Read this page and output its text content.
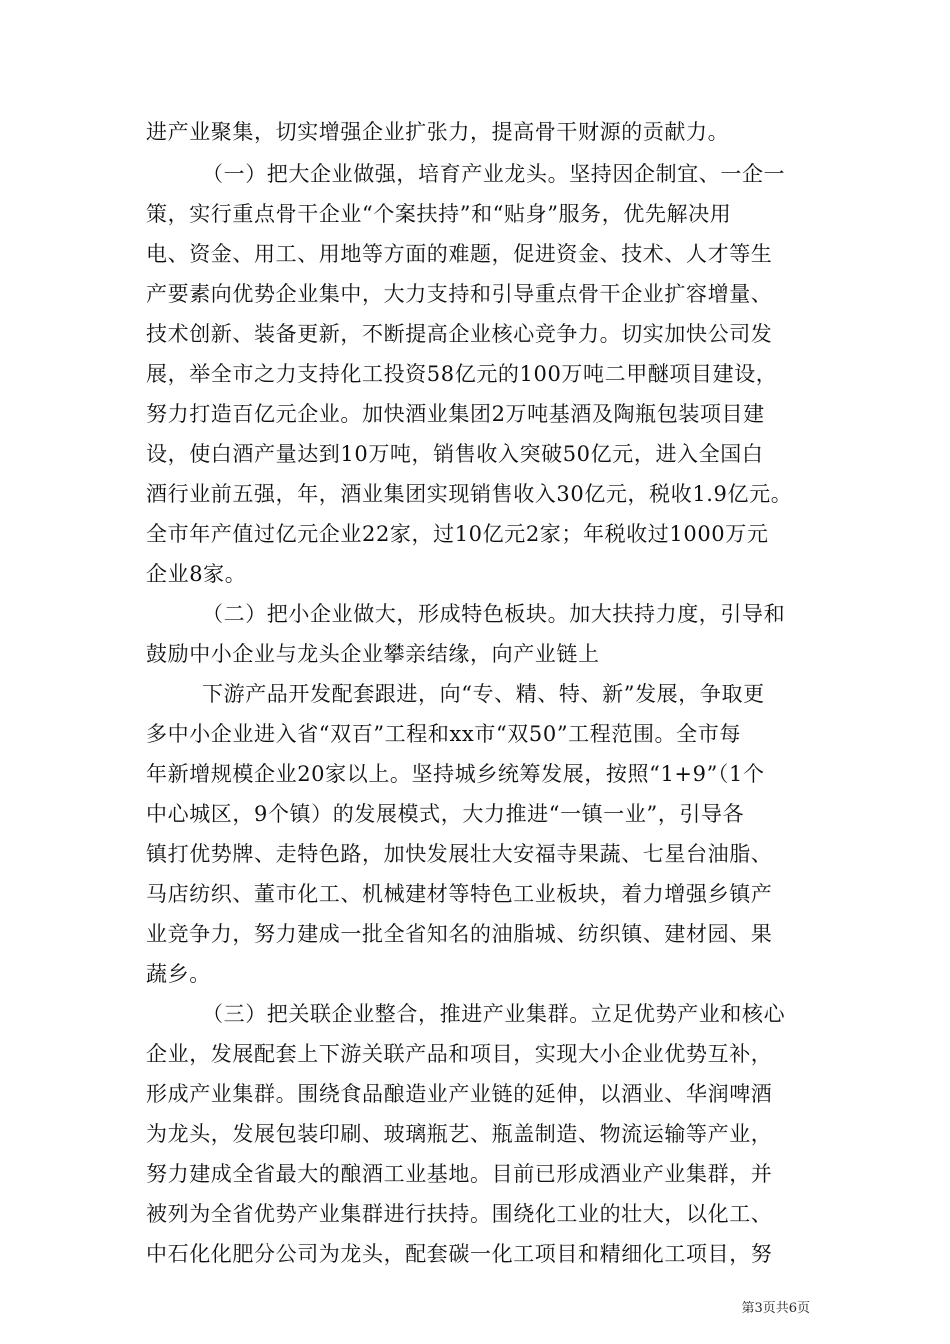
进产业聚集，切实增强企业扩张力，提高骨干财源的贡献力。
（一）把大企业做强，培育产业龙头。坚持因企制宜、一企一
策，实行重点骨干企业“个案扶持”和“贴身”服务，优先解决用
电、资金、用工、用地等方面的难题，促进资金、技术、人才等生
产要素向优势企业集中，大力支持和引导重点骨干企业扩容增量、
技术创新、装备更新，不断提高企业核心竞争力。切实加快公司发
展，举全市之力支持化工投资58亿元的100万吨二甲醚项目建设，
努力打造百亿元企业。加快酒业集团2万吨基酒及陶瓶包装项目建
设，使白酒产量达到10万吨，销售收入突破50亿元，进入全国白
酒行业前五强，年，酒业集团实现销售收入30亿元，税收1.9亿元。
全市年产值过亿元企业22家，过10亿元2家；年税收过1000万元
企业8家。
（二）把小企业做大，形成特色板块。加大扶持力度，引导和
鼓励中小企业与龙头企业攀亲结缘，向产业链上
下游产品开发配套跟进，向“专、精、特、新”发展，争取更
多中小企业进入省“双百”工程和xx市“双50”工程范围。全市每
年新增规模企业20家以上。坚持城乡统筹发展，按照“1+9”（1个
中心城区，9个镇）的发展模式，大力推进“一镇一业”，引导各
镇打优势牌、走特色路，加快发展壮大安福寺果蔬、七星台油脂、
马店纺织、董市化工、机械建材等特色工业板块，着力增强乡镇产
业竞争力，努力建成一批全省知名的油脂城、纺织镇、建材园、果
蔬乡。
（三）把关联企业整合，推进产业集群。立足优势产业和核心
企业，发展配套上下游关联产品和项目，实现大小企业优势互补，
形成产业集群。围绕食品酿造业产业链的延伸，以酒业、华润啤酒
为龙头，发展包装印刷、玻璃瓶艺、瓶盖制造、物流运输等产业，
努力建成全省最大的酿酒工业基地。目前已形成酒业产业集群，并
被列为全省优势产业集群进行扶持。围绕化工业的壮大，以化工、
中石化化肥分公司为龙头，配套碳一化工项目和精细化工项目，努
第3页共6页
